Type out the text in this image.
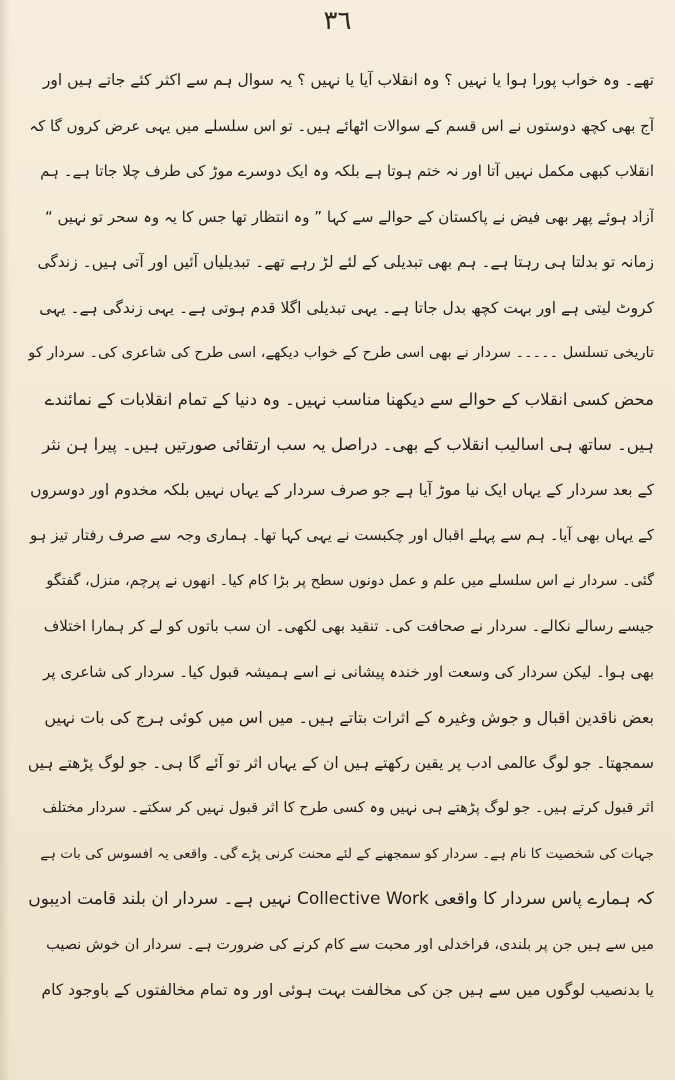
٣٦
تھے۔ وہ خواب پورا ہوا یا نہیں ؟ وہ انقلاب آیا یا نہیں ؟ یہ سوال ہم سے اکثر کئے جاتے ہیں اور
آج بھی کچھ دوستوں نے اس قسم کے سوالات اٹھائے ہیں۔ تو اس سلسلے میں یہی عرض کروں گا کہ
انقلاب کبھی مکمل نہیں آتا اور نہ ختم ہوتا ہے بلکہ وہ ایک دوسرے موڑ کی طرف چلا جاتا ہے۔ ہم
آزاد ہوئے پھر بھی فیض نے پاکستان کے حوالے سے کہا ” وہ انتظار تھا جس کا یہ وہ سحر تو نہیں “
زمانہ تو بدلتا ہی رہتا ہے۔ ہم بھی تبدیلی کے لئے لڑ رہے تھے۔ تبدیلیاں آئیں اور آتی ہیں۔ زندگی
کروٹ لیتی ہے اور بہت کچھ بدل جاتا ہے۔ یہی تبدیلی اگلا قدم ہوتی ہے۔ یہی زندگی ہے۔ یہی
تاریخی تسلسل ۔۔۔۔۔ سردار نے بھی اسی طرح کے خواب دیکھے، اسی طرح کی شاعری کی۔ سردار کو
محض کسی انقلاب کے حوالے سے دیکھنا مناسب نہیں۔ وہ دنیا کے تمام انقلابات کے نمائندے
ہیں۔ ساتھ ہی اسالیب انقلاب کے بھی۔ دراصل یہ سب ارتقائی صورتیں ہیں۔ پیرا ہن نثر
کے بعد سردار کے یہاں ایک نیا موڑ آیا ہے جو صرف سردار کے یہاں نہیں بلکہ مخدوم اور دوسروں
کے یہاں بھی آیا۔ ہم سے پہلے اقبال اور چکبست نے یہی کہا تھا۔ ہماری وجہ سے صرف رفتار تیز ہو
گئی۔ سردار نے اس سلسلے میں علم و عمل دونوں سطح پر بڑا کام کیا۔ انھوں نے پرچم، منزل، گفتگو
جیسے رسالے نکالے۔ سردار نے صحافت کی۔ تنقید بھی لکھی۔ ان سب باتوں کو لے کر ہمارا اختلاف
بھی ہوا۔ لیکن سردار کی وسعت اور خندہ پیشانی نے اسے ہمیشہ قبول کیا۔ سردار کی شاعری پر
بعض ناقدین اقبال و جوش وغیرہ کے اثرات بتاتے ہیں۔ میں اس میں کوئی ہرج کی بات نہیں
سمجھتا۔ جو لوگ عالمی ادب پر یقین رکھتے ہیں ان کے یہاں اثر تو آئے گا ہی۔ جو لوگ پڑھتے ہیں
اثر قبول کرتے ہیں۔ جو لوگ پڑھتے ہی نہیں وہ کسی طرح کا اثر قبول نہیں کر سکتے۔ سردار مختلف
جہات کی شخصیت کا نام ہے۔ سردار کو سمجھنے کے لئے محنت کرنی پڑے گی۔ واقعی یہ افسوس کی بات ہے
کہ ہمارے پاس سردار کا واقعی Collective Work نہیں ہے۔ سردار ان بلند قامت ادیبوں
میں سے ہیں جن پر بلندی، فراخدلی اور محبت سے کام کرنے کی ضرورت ہے۔ سردار ان خوش نصیب
یا بدنصیب لوگوں میں سے ہیں جن کی مخالفت بہت ہوئی اور وہ تمام مخالفتوں کے باوجود کام
